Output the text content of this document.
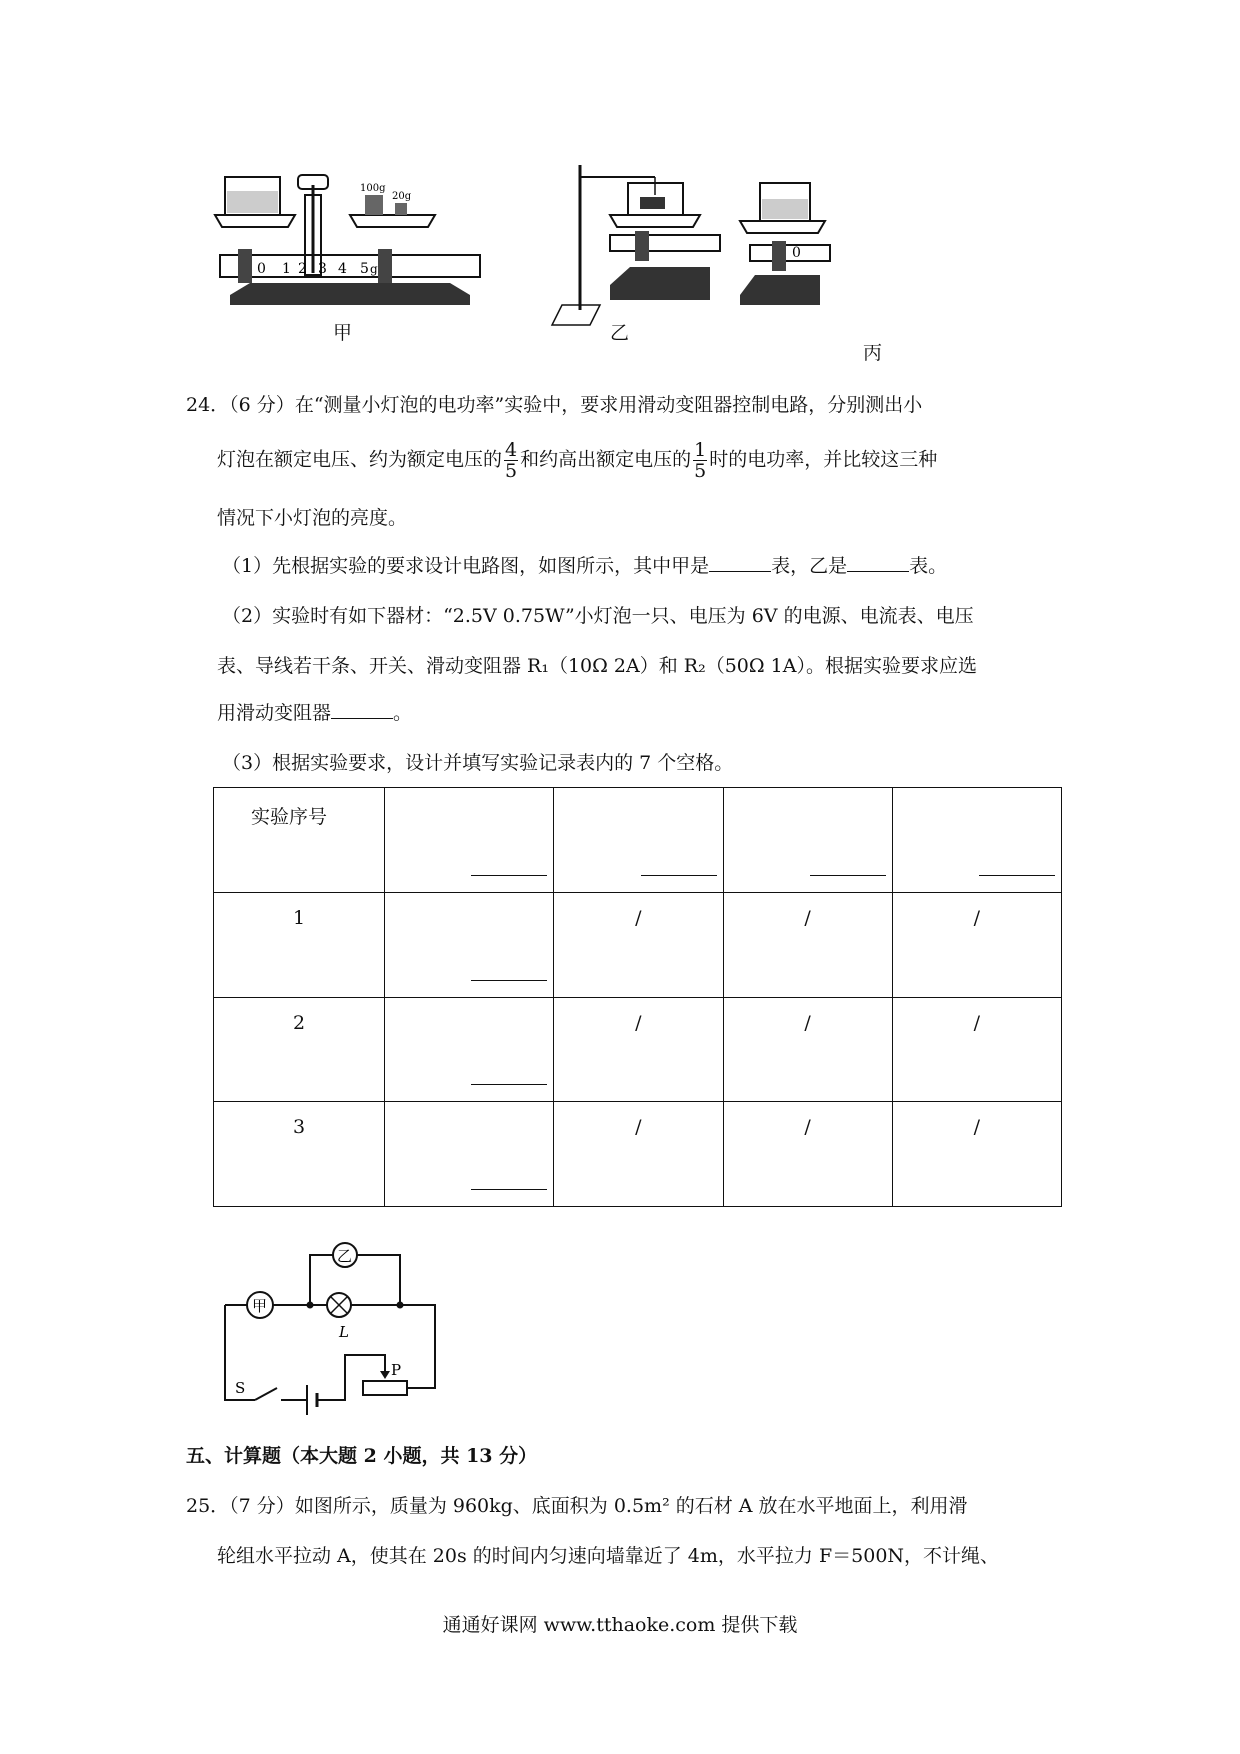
0 1 2 3 4 5 g
100g
20g
0
甲	乙
丙
24．（6 分）在“测量小灯泡的电功率”实验中，要求用滑动变阻器控制电路，分别测出小
灯泡在额定电压、约为额定电压的 $\frac{4}{5}$ 和约高出额定电压的 $\frac{1}{5}$ 时的电功率，并比较这三种
情况下小灯泡的亮度。
（1）先根据实验的要求设计电路图，如图所示，其中甲是	表，乙是	表。
（2）实验时有如下器材：“2.5V 0.75W”小灯泡一只、电压为 6V 的电源、电流表、电压
表、导线若干条、开关、滑动变阻器 R₁（10Ω 2A）和 R₂（50Ω 1A）。根据实验要求应选
用滑动变阻器	。
（3）根据实验要求，设计并填写实验记录表内的 7 个空格。
实验序号				

1		/	/	/

2		/	/	/

3		/	/	/
甲
乙
L
S
P
五、计算题（本大题 2 小题，共 13 分）
25．（7 分）如图所示，质量为 960kg、底面积为 0.5m² 的石材 A 放在水平地面上，利用滑
轮组水平拉动 A，使其在 20s 的时间内匀速向墙靠近了 4m，水平拉力 F＝500N，不计绳、
通通好课网 www.tthaoke.com 提供下载
